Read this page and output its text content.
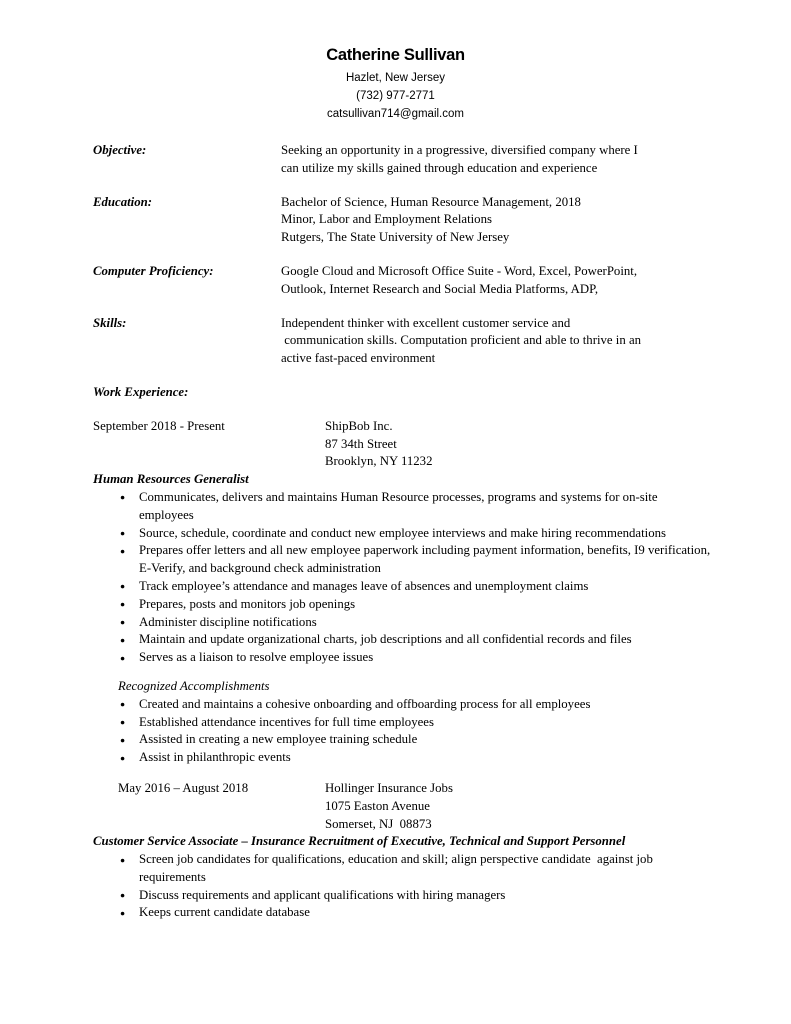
Catherine Sullivan
Hazlet, New Jersey
(732) 977-2771
catsullivan714@gmail.com
Objective:	Seeking an opportunity in a progressive, diversified company where I
can utilize my skills gained through education and experience
Education:	Bachelor of Science, Human Resource Management, 2018
Minor, Labor and Employment Relations
Rutgers, The State University of New Jersey
Computer Proficiency:	Google Cloud and Microsoft Office Suite - Word, Excel, PowerPoint,
Outlook, Internet Research and Social Media Platforms, ADP,
Skills:	Independent thinker with excellent customer service and
communication skills. Computation proficient and able to thrive in an
active fast-paced environment
Work Experience:
September 2018 - Present	ShipBob Inc.
87 34th Street
Brooklyn, NY 11232
Human Resources Generalist
● Communicates, delivers and maintains Human Resource processes, programs and systems for on-site employees
● Source, schedule, coordinate and conduct new employee interviews and make hiring recommendations
● Prepares offer letters and all new employee paperwork including payment information, benefits, I9 verification, E-Verify, and background check administration
● Track employee’s attendance and manages leave of absences and unemployment claims
● Prepares, posts and monitors job openings
● Administer discipline notifications
● Maintain and update organizational charts, job descriptions and all confidential records and files
● Serves as a liaison to resolve employee issues
Recognized Accomplishments
● Created and maintains a cohesive onboarding and offboarding process for all employees
● Established attendance incentives for full time employees
● Assisted in creating a new employee training schedule
● Assist in philanthropic events
May 2016 – August 2018	Hollinger Insurance Jobs
1075 Easton Avenue
Somerset, NJ  08873
Customer Service Associate – Insurance Recruitment of Executive, Technical and Support Personnel
● Screen job candidates for qualifications, education and skill; align perspective candidate  against job requirements
● Discuss requirements and applicant qualifications with hiring managers
● Keeps current candidate database
